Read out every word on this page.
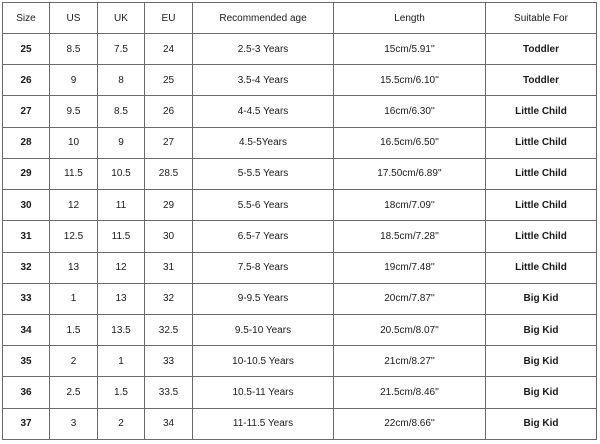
Size	US	UK	EU	Recommended age	Length	Suitable For
25	8.5	7.5	24	2.5-3 Years	15cm/5.91''	Toddler
26	9	8	25	3.5-4 Years	15.5cm/6.10''	Toddler
27	9.5	8.5	26	4-4.5 Years	16cm/6.30''	Little Child
28	10	9	27	4.5-5Years	16.5cm/6.50''	Little Child
29	11.5	10.5	28.5	5-5.5 Years	17.50cm/6.89''	Little Child
30	12	11	29	5.5-6 Years	18cm/7.09''	Little Child
31	12.5	11.5	30	6.5-7 Years	18.5cm/7.28''	Little Child
32	13	12	31	7.5-8 Years	19cm/7.48''	Little Child
33	1	13	32	9-9.5 Years	20cm/7.87''	Big Kid
34	1.5	13.5	32.5	9.5-10 Years	20.5cm/8.07''	Big Kid
35	2	1	33	10-10.5 Years	21cm/8.27''	Big Kid
36	2.5	1.5	33.5	10.5-11 Years	21.5cm/8.46''	Big Kid
37	3	2	34	11-11.5 Years	22cm/8.66''	Big Kid
